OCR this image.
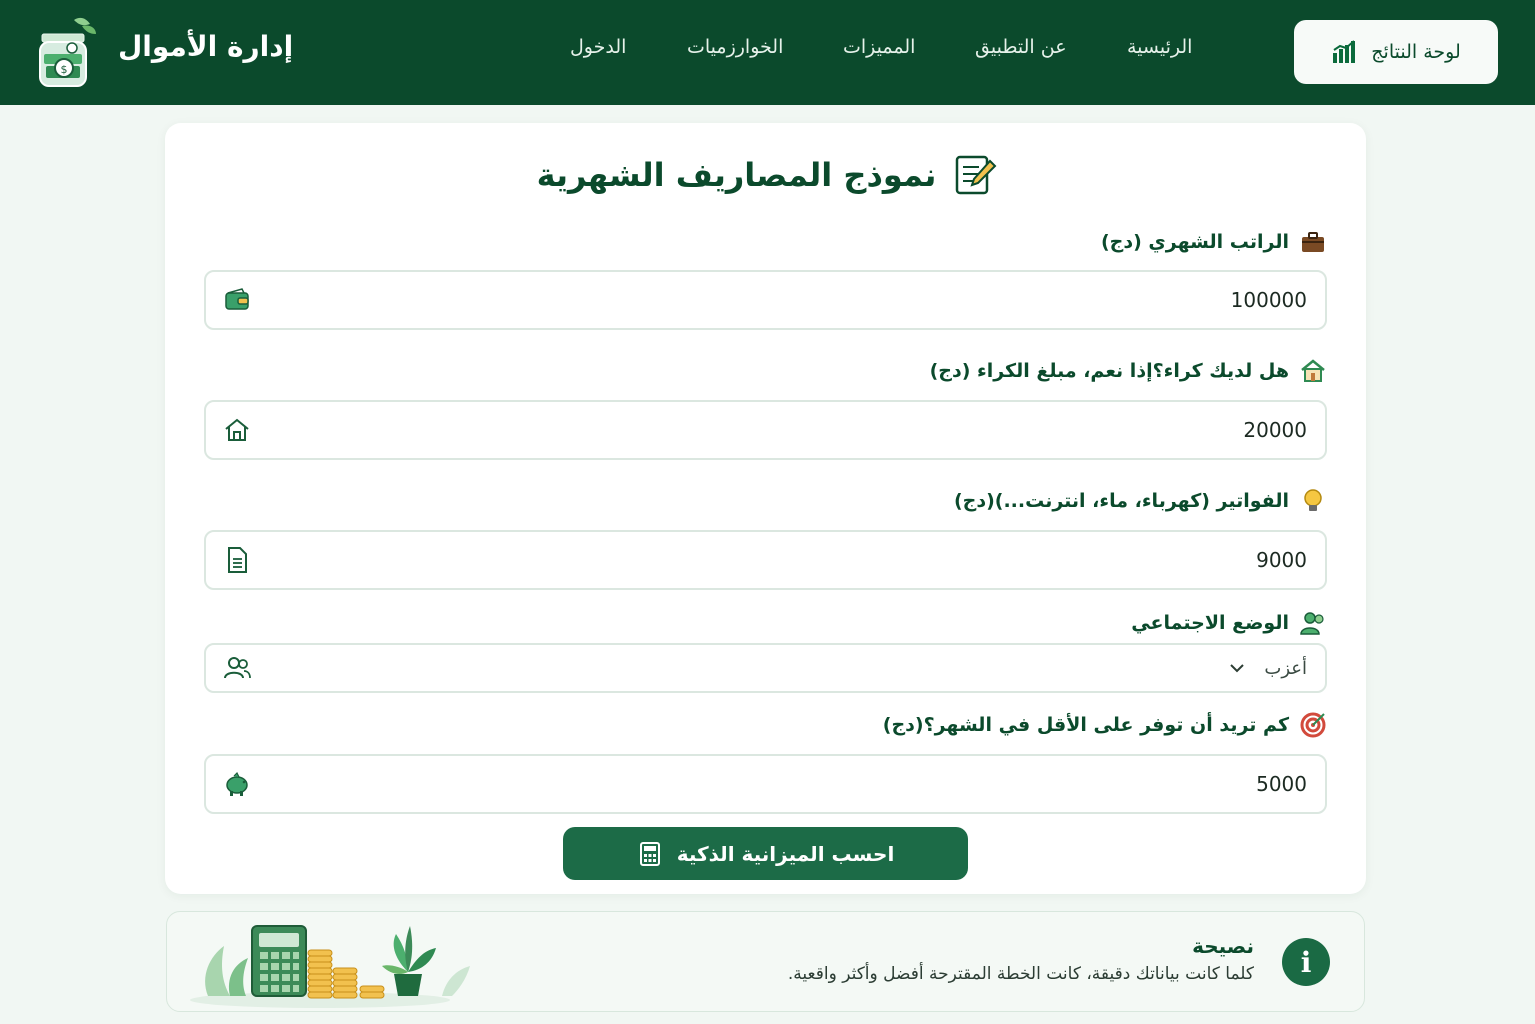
لوحة النتائج
الرئيسية
عن التطبيق
المميزات
الخوارزميات
الدخول
إدارة الأموال
$
نموذج المصاريف الشهرية
الراتب الشهري (دج)
100000
هل لديك كراء؟إذا نعم، مبلغ الكراء (دج)
20000
الفواتير (كهرباء، ماء، انترنت...)(دج)
9000
الوضع الاجتماعي
أعزب
كم تريد أن توفر على الأقل في الشهر؟(دج)
5000
احسب الميزانية الذكية
i
نصيحة
كلما كانت بياناتك دقيقة، كانت الخطة المقترحة أفضل وأكثر واقعية.
